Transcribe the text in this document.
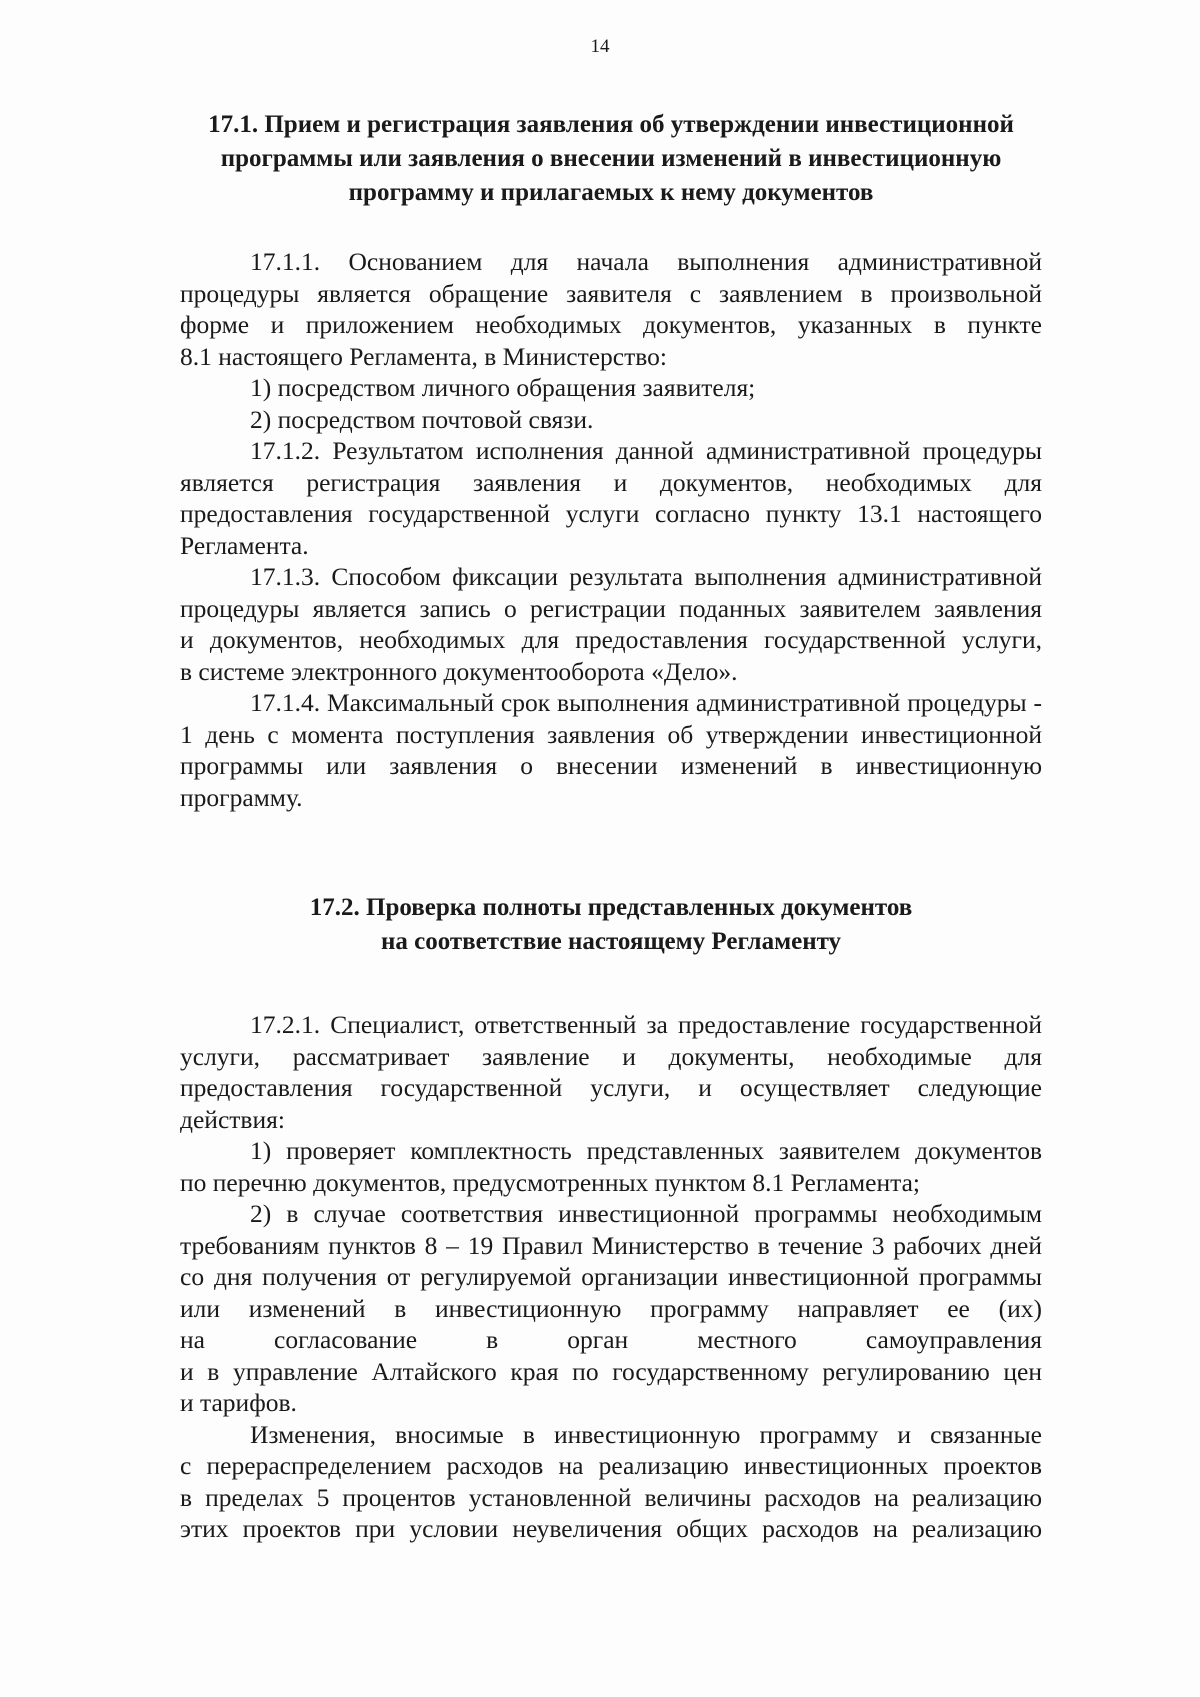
14
17.1. Прием и регистрация заявления об утверждении инвестиционной
программы или заявления о внесении изменений в инвестиционную
программу и прилагаемых к нему документов
17.1.1. Основанием для начала выполнения административной
процедуры является обращение заявителя с заявлением в произвольной
форме и приложением необходимых документов, указанных в пункте
8.1 настоящего Регламента, в Министерство:
1) посредством личного обращения заявителя;
2) посредством почтовой связи.
17.1.2. Результатом исполнения данной административной процедуры
является регистрация заявления и документов, необходимых для
предоставления государственной услуги согласно пункту 13.1 настоящего
Регламента.
17.1.3. Способом фиксации результата выполнения административной
процедуры является запись о регистрации поданных заявителем заявления
и документов, необходимых для предоставления государственной услуги,
в системе электронного документооборота «Дело».
17.1.4. Максимальный срок выполнения административной процедуры -
1 день с момента поступления заявления об утверждении инвестиционной
программы или заявления о внесении изменений в инвестиционную
программу.
17.2. Проверка полноты представленных документов
на соответствие настоящему Регламенту
17.2.1. Специалист, ответственный за предоставление государственной
услуги, рассматривает заявление и документы, необходимые для
предоставления государственной услуги, и осуществляет следующие
действия:
1) проверяет комплектность представленных заявителем документов
по перечню документов, предусмотренных пунктом 8.1 Регламента;
2) в случае соответствия инвестиционной программы необходимым
требованиям пунктов 8 – 19 Правил Министерство в течение 3 рабочих дней
со дня получения от регулируемой организации инвестиционной программы
или изменений в инвестиционную программу направляет ее (их)
на согласование в орган местного самоуправления
и в управление Алтайского края по государственному регулированию цен
и тарифов.
Изменения, вносимые в инвестиционную программу и связанные
с перераспределением расходов на реализацию инвестиционных проектов
в пределах 5 процентов установленной величины расходов на реализацию
этих проектов при условии неувеличения общих расходов на реализацию
